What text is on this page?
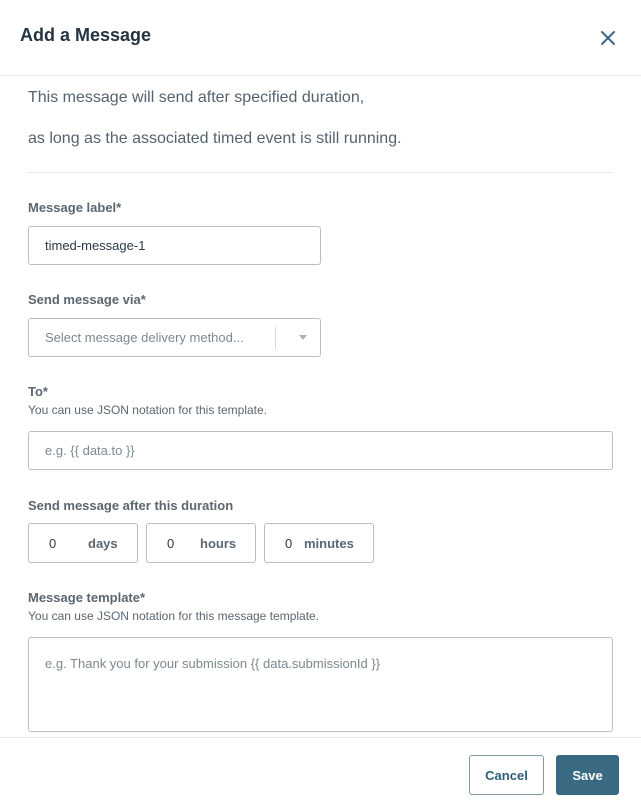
Add a Message
This message will send after specified duration,
as long as the associated timed event is still running.
Message label*
timed-message-1
Send message via*
Select message delivery method...
To*
You can use JSON notation for this template.
e.g. {{ data.to }}
Send message after this duration
0 days	0 hours	0 minutes
Message template*
You can use JSON notation for this message template.
e.g. Thank you for your submission {{ data.submissionId }}
Cancel	Save
